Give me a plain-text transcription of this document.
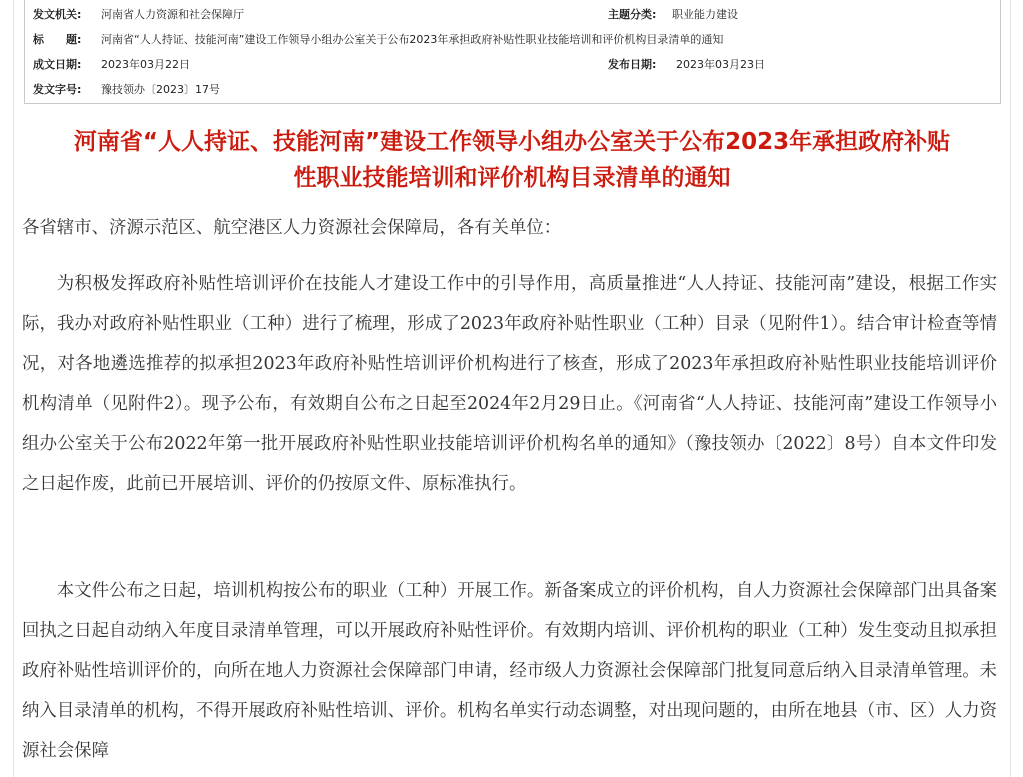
发文机关: 河南省人力资源和社会保障厅	主题分类: 职业能力建设
标　　题: 河南省“人人持证、技能河南”建设工作领导小组办公室关于公布2023年承担政府补贴性职业技能培训和评价机构目录清单的通知
成文日期: 2023年03月22日	发布日期: 2023年03月23日
发文字号: 豫技领办〔2023〕17号
河南省“人人持证、技能河南”建设工作领导小组办公室关于公布2023年承担政府补贴
性职业技能培训和评价机构目录清单的通知
各省辖市、济源示范区、航空港区人力资源社会保障局，各有关单位：
为积极发挥政府补贴性培训评价在技能人才建设工作中的引导作用，高质量推进“人人持证、技能河南”建设，根据工作实际，我办对政府补贴性职业（工种）进行了梳理，形成了2023年政府补贴性职业（工种）目录（见附件1）。结合审计检查等情况，对各地遴选推荐的拟承担2023年政府补贴性培训评价机构进行了核查，形成了2023年承担政府补贴性职业技能培训评价机构清单（见附件2）。现予公布，有效期自公布之日起至2024年2月29日止。《河南省“人人持证、技能河南”建设工作领导小组办公室关于公布2022年第一批开展政府补贴性职业技能培训评价机构名单的通知》（豫技领办〔2022〕8号）自本文件印发之日起作废，此前已开展培训、评价的仍按原文件、原标准执行。
本文件公布之日起，培训机构按公布的职业（工种）开展工作。新备案成立的评价机构，自人力资源社会保障部门出具备案回执之日起自动纳入年度目录清单管理，可以开展政府补贴性评价。有效期内培训、评价机构的职业（工种）发生变动且拟承担政府补贴性培训评价的，向所在地人力资源社会保障部门申请，经市级人力资源社会保障部门批复同意后纳入目录清单管理。未纳入目录清单的机构，不得开展政府补贴性培训、评价。机构名单实行动态调整，对出现问题的，由所在地县（市、区）人力资源社会保障
